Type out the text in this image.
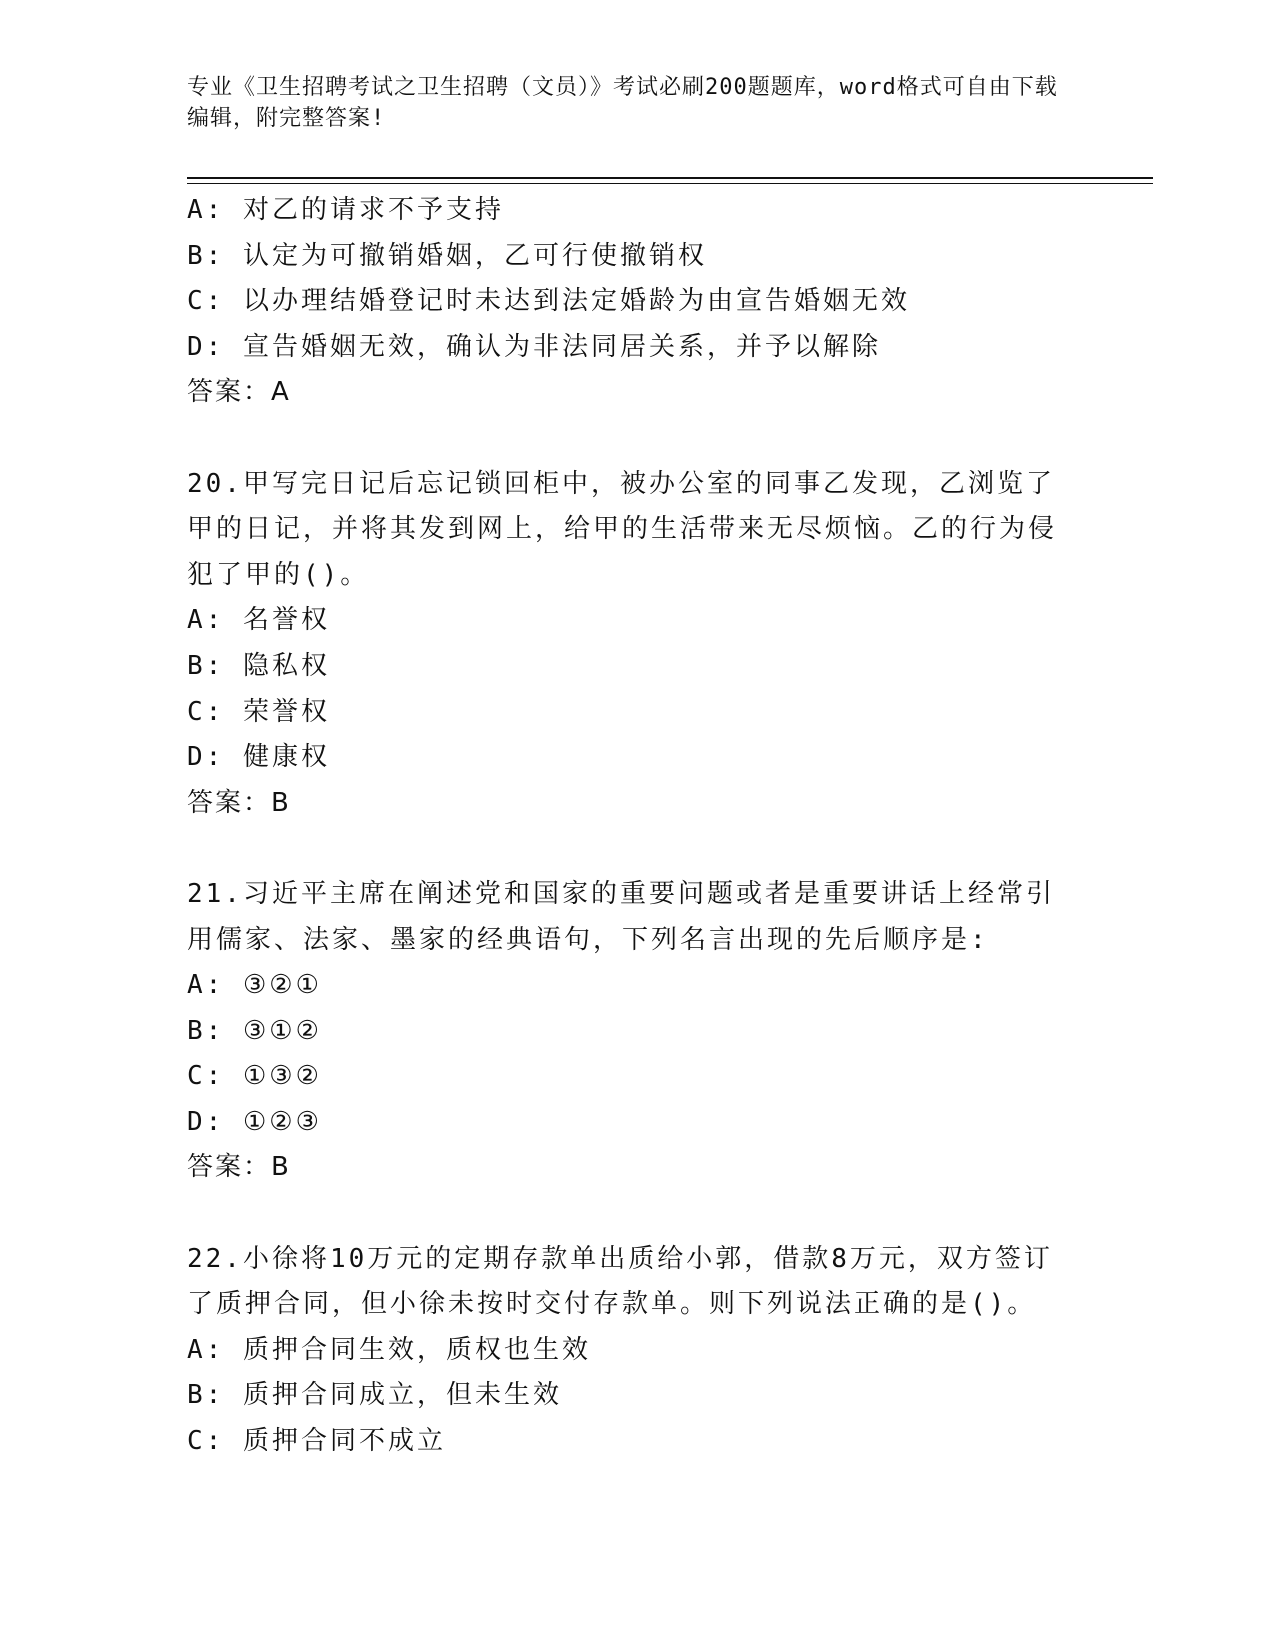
专业《卫生招聘考试之卫生招聘（文员）》考试必刷200题题库，word格式可自由下载编辑，附完整答案!
A: 对乙的请求不予支持
B: 认定为可撤销婚姻，乙可行使撤销权
C: 以办理结婚登记时未达到法定婚龄为由宣告婚姻无效
D: 宣告婚姻无效，确认为非法同居关系，并予以解除
答案：A
20.甲写完日记后忘记锁回柜中，被办公室的同事乙发现，乙浏览了甲的日记，并将其发到网上，给甲的生活带来无尽烦恼。乙的行为侵犯了甲的()。
A: 名誉权
B: 隐私权
C: 荣誉权
D: 健康权
答案：B
21.习近平主席在阐述党和国家的重要问题或者是重要讲话上经常引用儒家、法家、墨家的经典语句，下列名言出现的先后顺序是:
A: ③②①
B: ③①②
C: ①③②
D: ①②③
答案：B
22.小徐将10万元的定期存款单出质给小郭，借款8万元，双方签订了质押合同，但小徐未按时交付存款单。则下列说法正确的是()。
A: 质押合同生效，质权也生效
B: 质押合同成立，但未生效
C: 质押合同不成立
